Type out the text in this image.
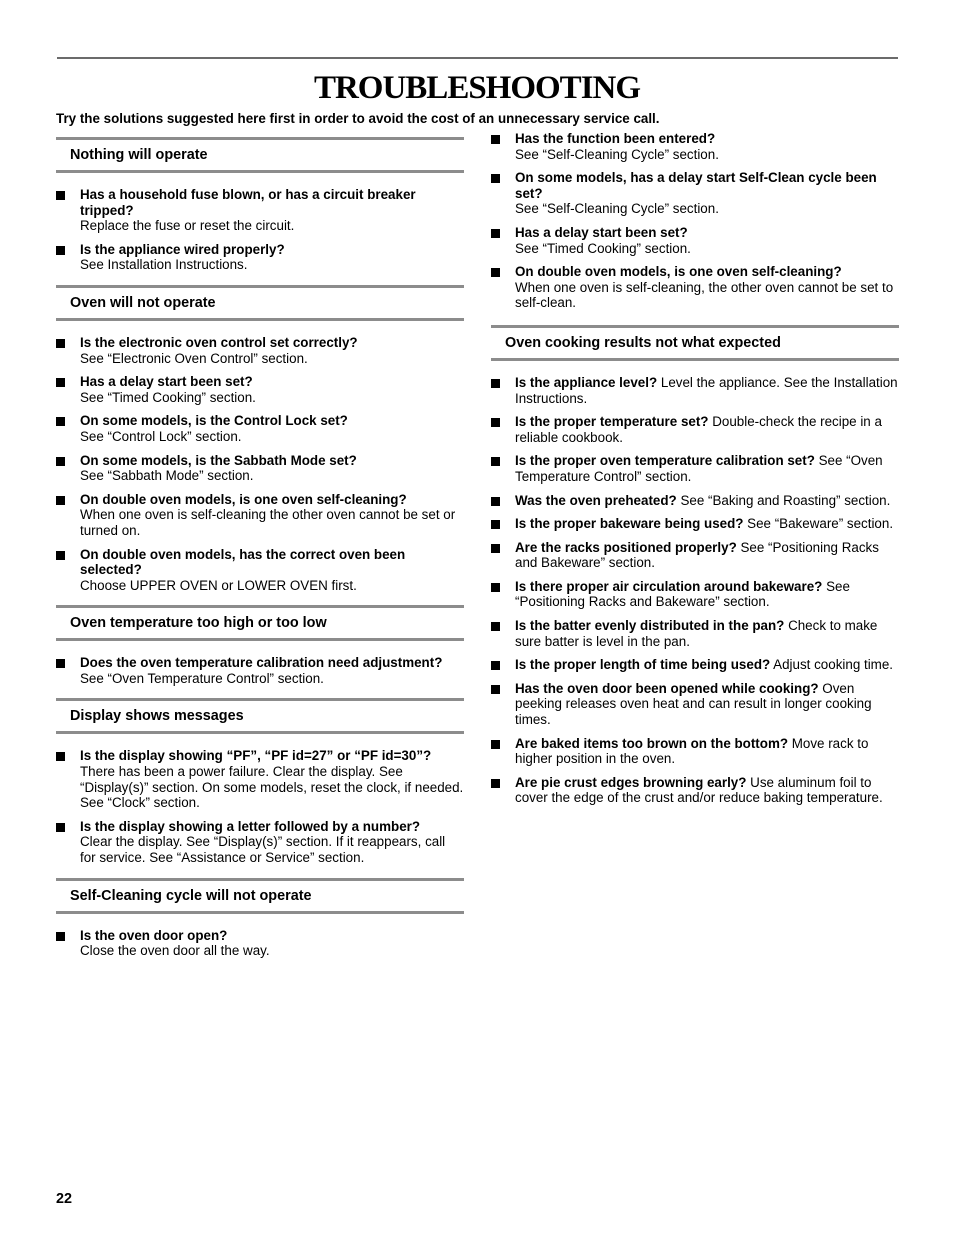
TROUBLESHOOTING
Try the solutions suggested here first in order to avoid the cost of an unnecessary service call.
Nothing will operate
Has a household fuse blown, or has a circuit breaker tripped?
Replace the fuse or reset the circuit.
Is the appliance wired properly?
See Installation Instructions.
Oven will not operate
Is the electronic oven control set correctly?
See “Electronic Oven Control” section.
Has a delay start been set?
See “Timed Cooking” section.
On some models, is the Control Lock set?
See “Control Lock” section.
On some models, is the Sabbath Mode set?
See “Sabbath Mode” section.
On double oven models, is one oven self-cleaning?
When one oven is self-cleaning the other oven cannot be set or turned on.
On double oven models, has the correct oven been selected?
Choose UPPER OVEN or LOWER OVEN first.
Oven temperature too high or too low
Does the oven temperature calibration need adjustment?
See “Oven Temperature Control” section.
Display shows messages
Is the display showing “PF”, “PF id=27” or “PF id=30”?
There has been a power failure. Clear the display. See “Display(s)” section. On some models, reset the clock, if needed. See “Clock” section.
Is the display showing a letter followed by a number?
Clear the display. See “Display(s)” section. If it reappears, call for service. See “Assistance or Service” section.
Self-Cleaning cycle will not operate
Is the oven door open?
Close the oven door all the way.
Has the function been entered?
See “Self-Cleaning Cycle” section.
On some models, has a delay start Self-Clean cycle been set?
See “Self-Cleaning Cycle” section.
Has a delay start been set?
See “Timed Cooking” section.
On double oven models, is one oven self-cleaning?
When one oven is self-cleaning, the other oven cannot be set to self-clean.
Oven cooking results not what expected
Is the appliance level? Level the appliance. See the Installation Instructions.
Is the proper temperature set? Double-check the recipe in a reliable cookbook.
Is the proper oven temperature calibration set? See “Oven Temperature Control” section.
Was the oven preheated? See “Baking and Roasting” section.
Is the proper bakeware being used? See “Bakeware” section.
Are the racks positioned properly? See “Positioning Racks and Bakeware” section.
Is there proper air circulation around bakeware? See “Positioning Racks and Bakeware” section.
Is the batter evenly distributed in the pan? Check to make sure batter is level in the pan.
Is the proper length of time being used? Adjust cooking time.
Has the oven door been opened while cooking? Oven peeking releases oven heat and can result in longer cooking times.
Are baked items too brown on the bottom? Move rack to higher position in the oven.
Are pie crust edges browning early? Use aluminum foil to cover the edge of the crust and/or reduce baking temperature.
22
